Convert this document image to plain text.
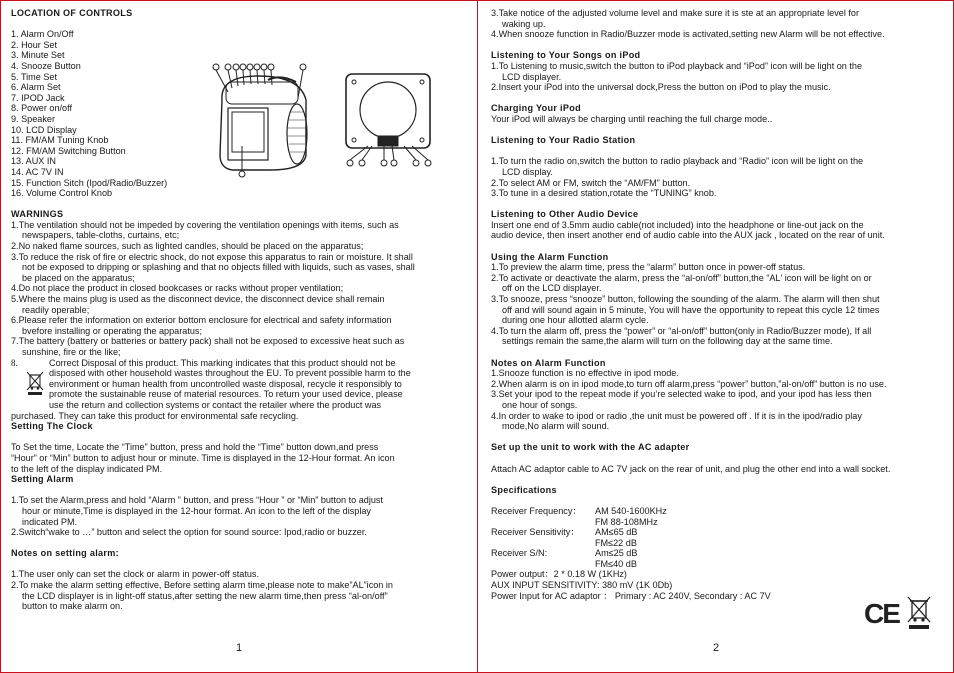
LOCATION OF CONTROLS
1. Alarm On/Off
2. Hour Set
3. Minute Set
4. Snooze Button
5. Time Set
6. Alarm Set
7. IPOD Jack
8. Power on/off
9. Speaker
10. LCD Display
11. FM/AM Tuning Knob
12. FM/AM Switching Button
13. AUX IN
14. AC 7V IN
15. Function Sitch (Ipod/Radio/Buzzer)
16. Volume Control Knob
WARNINGS
1.The ventilation should not be impeded by covering the ventilation openings with items, such as
newspapers, table-cloths, curtains, etc;
2.No naked flame sources, such as lighted candles, should be placed on the apparatus;
3.To reduce the risk of fire or electric shock, do not expose this apparatus to rain or moisture. It shall
not be exposed to dripping or splashing and that no objects filled with liquids, such as vases, shall
be placed on the apparatus;
4.Do not place the product in closed bookcases or racks without proper ventilation;
5.Where the mains plug is used as the disconnect device, the disconnect device shall remain
readily operable;
6.Please refer the information on exterior bottom enclosure for electrical and safety information
bvefore installing or operating the apparatus;
7.The battery (battery or batteries or battery pack) shall not be exposed to excessive heat such as
sunshine, fire or the like;
8.	Correct Disposal of this product. This marking indicates that this product should not be
disposed with other household wastes throughout the EU. To prevent possible harm to the
environment or human health from uncontrolled waste disposal, recycle it responsibly to
promote the sustainable reuse of material resources. To return your used device, please
use the return and collection systems or contact the retailer where the product was
purchased. They can take this product for environmental safe recycling.
Setting The Clock
To Set the time, Locate the “Time” button, press and hold the “Time” button down,and press
“Hour” or “Min” button to adjust hour or minute. Time is displayed in the 12-Hour format. An icon
to the left of the display indicated PM.
Setting Alarm
1.To set the Alarm,press and hold “Alarm ” button, and press “Hour ” or “Min” button to adjust
hour or minute,Time is displayed in the 12-hour format. An icon to the left of the display
indicated PM.
2.Switch“wake to …” button and select the option for sound source: Ipod,radio or buzzer.
Notes on setting alarm:
1.The user only can set the clock or alarm in power-off status.
2.To make the alarm setting effective, Before setting alarm time,please note to make”AL”icon in
the LCD displayer is in light-off status,after setting the new alarm time,then press “al-on/off”
button to make alarm on.
3.Take notice of the adjusted volume level and make sure it is ste at an appropriate level for
waking up.
4.When snooze function in Radio/Buzzer mode is activated,setting new Alarm will be not effective.
Listening to Your Songs on iPod
1.To Listening to music,switch the button to iPod playback and “iPod” icon will be light on the
LCD displayer.
2.Insert your iPod into the universal dock,Press the button on iPod to play the music.
Charging Your iPod
Your iPod will always be charging until reaching the full charge mode..
Listening to Your Radio Station
1.To turn the radio on,switch the button to radio playback and “Radio” icon will be light on the
LCD display.
2.To select AM or FM, switch the “AM/FM” button.
3.To tune in a desired station,rotate the “TUNING” knob.
Listening to Other Audio Device
Insert one end of 3.5mm audio cable(not included) into the headphone or line-out jack on the
audio device, then insert another end of audio cable into the AUX jack , located on the rear of unit.
Using the Alarm Function
1.To preview the alarm time, press the “alarm” button once in power-off status.
2.To activate or deactivate the alarm, press the “al-on/off” button,the “AL' icon will be light on or
off on the LCD displayer.
3.To snooze, press “snooze” button, following the sounding of the alarm. The alarm will then shut
off and will sound again in 5 minute, You will have the opportunity to repeat this cycle 12 times
during one hour allotted alarm cycle.
4.To turn the alarm off, press the “power” or “al-on/off” button(only in Radio/Buzzer mode), If all
settings remain the same,the alarm will turn on the following day at the same time.
Notes on Alarm Function
1.Snooze function is no effective in ipod mode.
2.When alarm is on in ipod mode,to turn off alarm,press “power” button,”al-on/off” button is no use.
3.Set your ipod to the repeat mode if you’re selected wake to ipod, and your ipod has less then
one hour of songs.
4.In order to wake to ipod or radio ,the unit must be powered off . If it is in the ipod/radio play
mode,No alarm will sound.
Set up the unit to work with the AC adapter
Attach AC adaptor cable to AC 7V jack on the rear of unit, and plug the other end into a wall socket.
Specifications
Receiver Frequency：	AM 540-1600KHz
FM 88-108MHz
Receiver Sensitivity：	AM≤65 dB
FM≤22 dB
Receiver S/N:	Am≤25 dB
FM≤40 dB
Power output：2 * 0.18 W (1KHz)
AUX INPUT SENSITIVITY: 380 mV (1K 0Db)
Power Input for AC adaptor ： Primary : AC 240V, Secondary : AC 7V
CE
1	2
